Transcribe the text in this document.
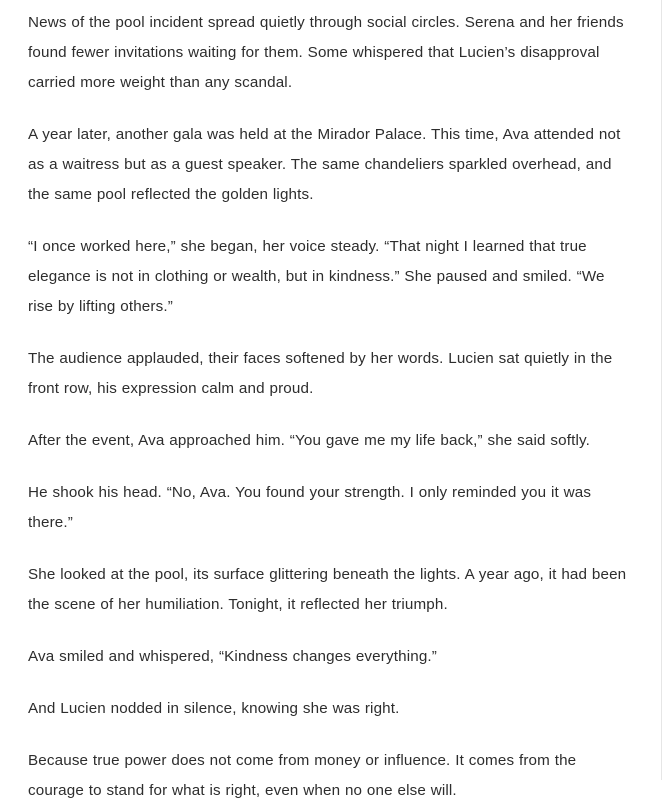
News of the pool incident spread quietly through social circles. Serena and her friends found fewer invitations waiting for them. Some whispered that Lucien’s disapproval carried more weight than any scandal.

A year later, another gala was held at the Mirador Palace. This time, Ava attended not as a waitress but as a guest speaker. The same chandeliers sparkled overhead, and the same pool reflected the golden lights.

“I once worked here,” she began, her voice steady. “That night I learned that true elegance is not in clothing or wealth, but in kindness.” She paused and smiled. “We rise by lifting others.”

The audience applauded, their faces softened by her words. Lucien sat quietly in the front row, his expression calm and proud.

After the event, Ava approached him. “You gave me my life back,” she said softly.

He shook his head. “No, Ava. You found your strength. I only reminded you it was there.”

She looked at the pool, its surface glittering beneath the lights. A year ago, it had been the scene of her humiliation. Tonight, it reflected her triumph.

Ava smiled and whispered, “Kindness changes everything.”

And Lucien nodded in silence, knowing she was right.

Because true power does not come from money or influence. It comes from the courage to stand for what is right, even when no one else will.
